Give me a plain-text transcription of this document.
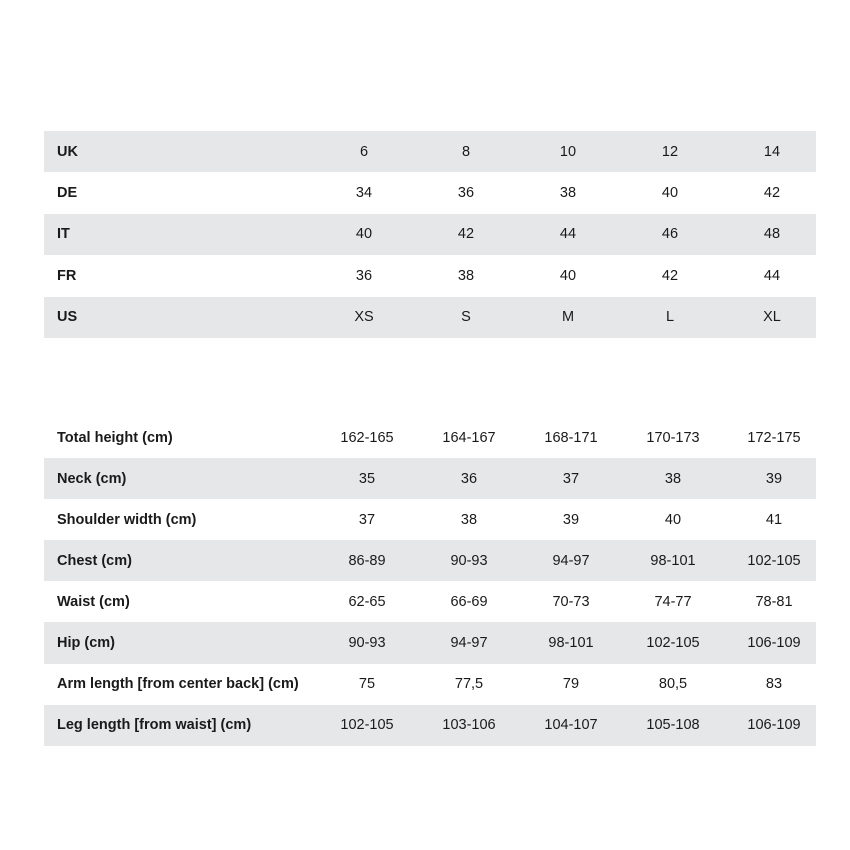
UK	6	8	10	12	14
DE	34	36	38	40	42
IT	40	42	44	46	48
FR	36	38	40	42	44
US	XS	S	M	L	XL
Total height (cm)	162-165	164-167	168-171	170-173	172-175
Neck (cm)	35	36	37	38	39
Shoulder width (cm)	37	38	39	40	41
Chest (cm)	86-89	90-93	94-97	98-101	102-105
Waist (cm)	62-65	66-69	70-73	74-77	78-81
Hip (cm)	90-93	94-97	98-101	102-105	106-109
Arm length [from center back] (cm)	75	77,5	79	80,5	83
Leg length [from waist] (cm)	102-105	103-106	104-107	105-108	106-109
